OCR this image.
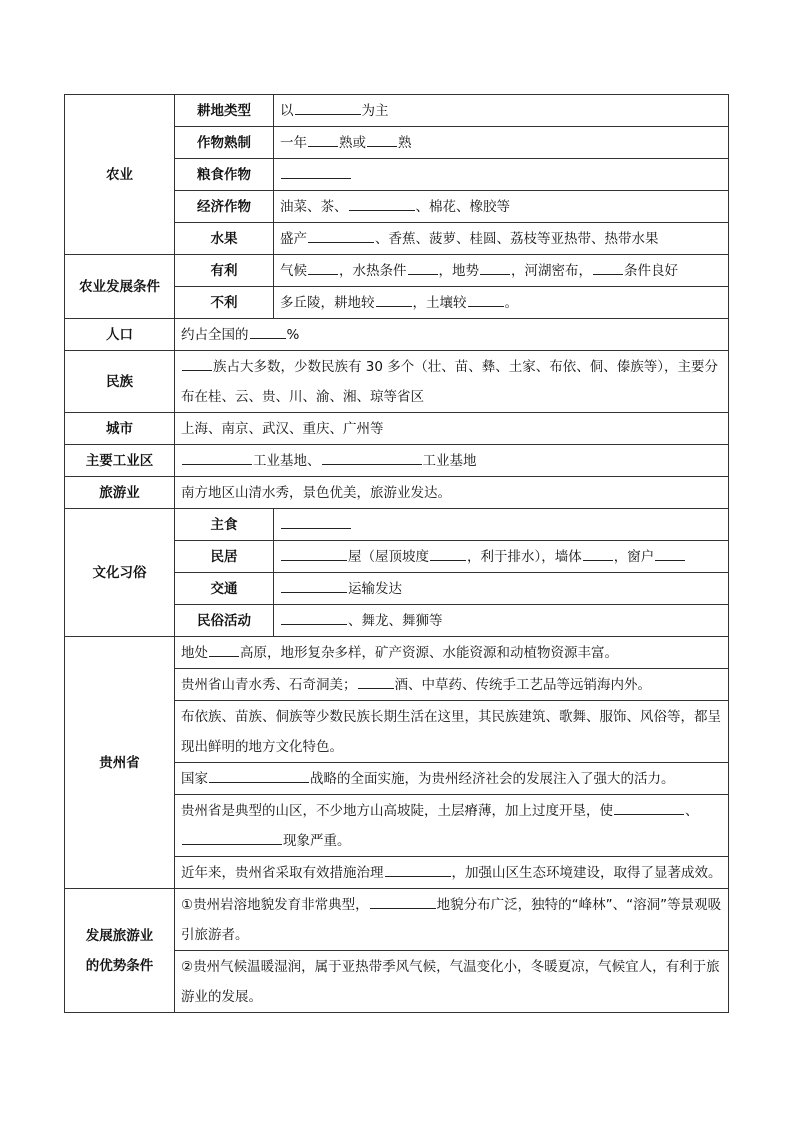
农业	耕地类型	以 为主
	作物熟制	一年 熟或 熟
	粮食作物	
	经济作物	油菜、茶、 、棉花、橡胶等
	水果	盛产 、香蕉、菠萝、桂圆、荔枝等亚热带、热带水果
农业发展条件	有利	气候 ，水热条件 ，地势 ，河湖密布， 条件良好
	不利	多丘陵，耕地较 ，土壤较 。
人口	约占全国的 %	
民族	族占大多数，少数民族有 30 多个（壮、苗、彝、土家、布依、侗、傣族等），主要分布在桂、云、贵、川、渝、湘、琼等省区	
城市	上海、南京、武汉、重庆、广州等	
主要工业区	工业基地、 工业基地	
旅游业	南方地区山清水秀，景色优美，旅游业发达。	
文化习俗	主食	
	民居	屋（屋顶坡度 ，利于排水），墙体 ，窗户
	交通	运输发达
	民俗活动	、舞龙、舞狮等
贵州省	地处 高原，地形复杂多样，矿产资源、水能资源和动植物资源丰富。	
	贵州省山青水秀、石奇洞美； 酒、中草药、传统手工艺品等远销海内外。	
	布依族、苗族、侗族等少数民族长期生活在这里，其民族建筑、歌舞、服饰、风俗等，都呈现出鲜明的地方文化特色。	
	国家 战略的全面实施，为贵州经济社会的发展注入了强大的活力。	
	贵州省是典型的山区，不少地方山高坡陡，土层瘠薄，加上过度开垦，使 、现象严重。	
	近年来，贵州省采取有效措施治理 ，加强山区生态环境建设，取得了显著成效。	
发展旅游业
的优势条件	①贵州岩溶地貌发育非常典型， 地貌分布广泛，独特的“峰林”、“溶洞”等景观吸引旅游者。	
	②贵州气候温暖湿润，属于亚热带季风气候，气温变化小，冬暖夏凉，气候宜人，有利于旅游业的发展。	
